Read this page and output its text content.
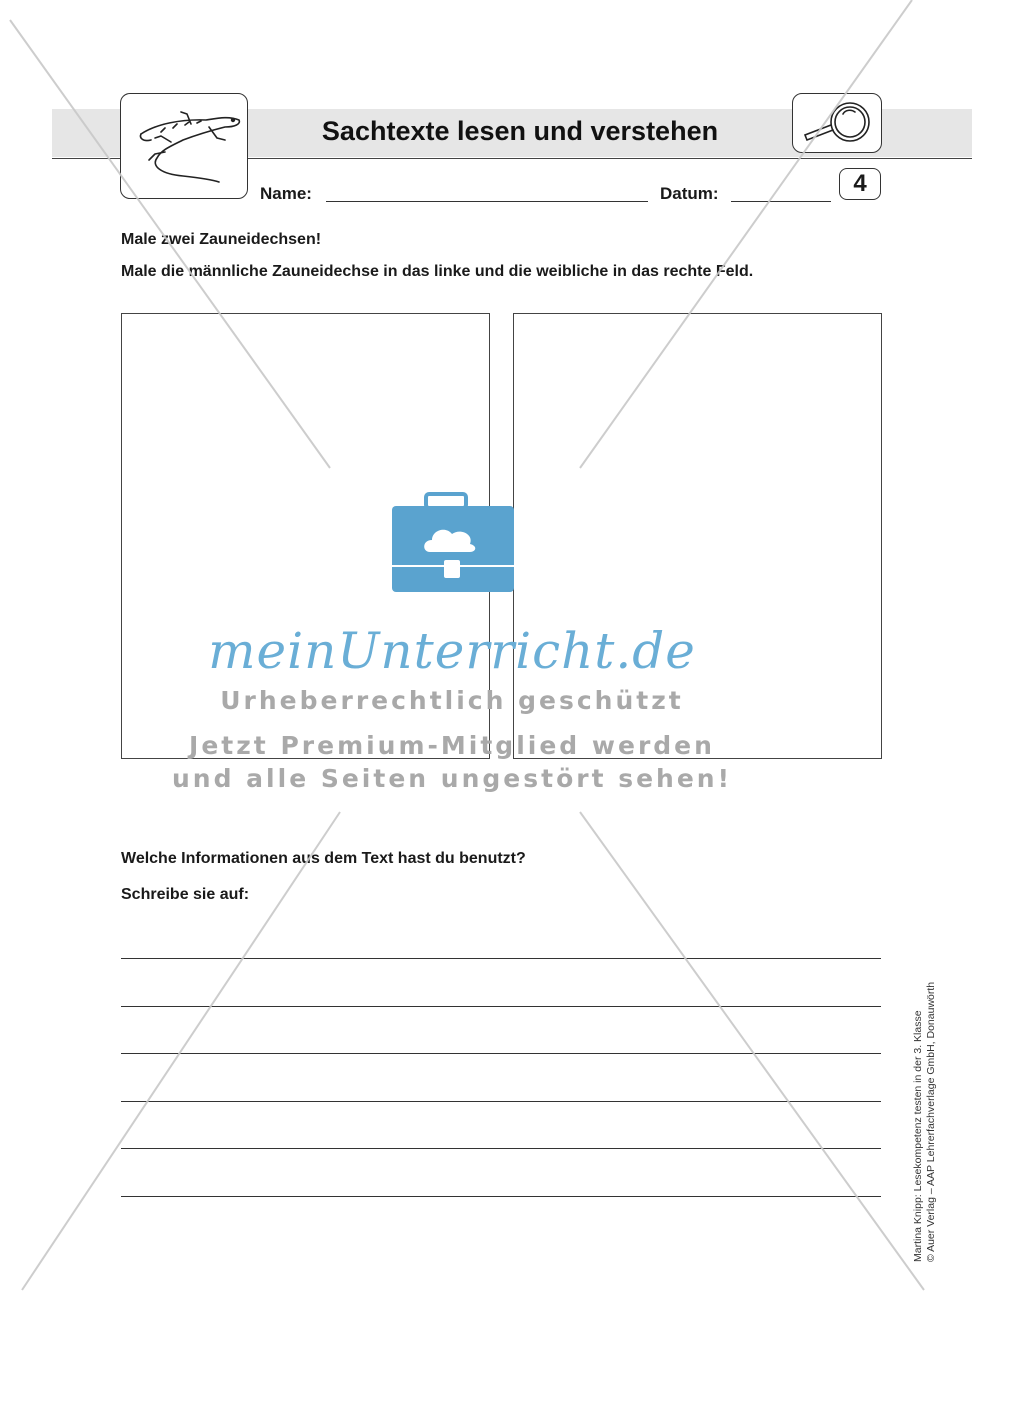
Sachtexte lesen und verstehen
4
Name:	Datum:
Male zwei Zauneidechsen!
Male die männliche Zauneidechse in das linke und die weibliche in das rechte Feld.
Welche Informationen aus dem Text hast du benutzt?
Schreibe sie auf:
Martina Knipp: Lesekompetenz testen in der 3. Klasse © Auer Verlag – AAP Lehrerfachverlage GmbH, Donauwörth
meinUnterricht.de
Urheberrechtlich geschützt
Jetzt Premium-Mitglied werden
und alle Seiten ungestört sehen!
